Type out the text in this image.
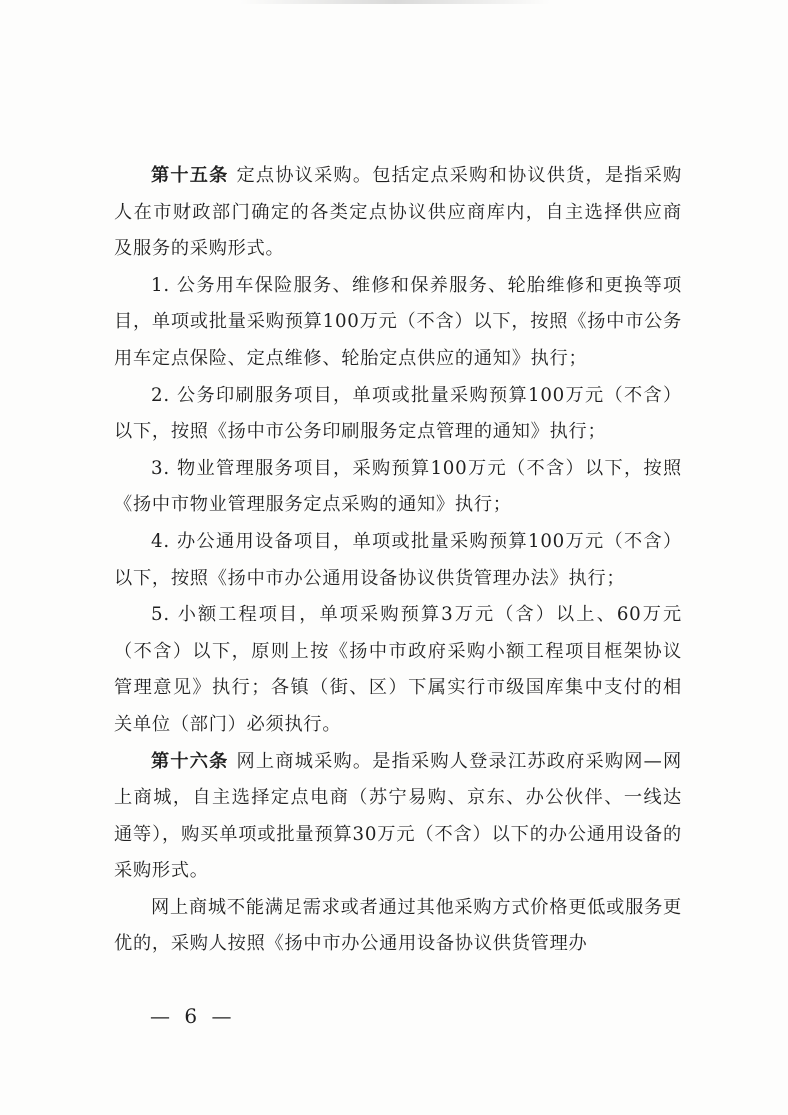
第十五条 定点协议采购。包括定点采购和协议供货，是指采购人在市财政部门确定的各类定点协议供应商库内，自主选择供应商及服务的采购形式。

1. 公务用车保险服务、维修和保养服务、轮胎维修和更换等项目，单项或批量采购预算100万元（不含）以下，按照《扬中市公务用车定点保险、定点维修、轮胎定点供应的通知》执行；

2. 公务印刷服务项目，单项或批量采购预算100万元（不含）以下，按照《扬中市公务印刷服务定点管理的通知》执行；

3. 物业管理服务项目，采购预算100万元（不含）以下，按照《扬中市物业管理服务定点采购的通知》执行；

4. 办公通用设备项目，单项或批量采购预算100万元（不含）以下，按照《扬中市办公通用设备协议供货管理办法》执行；

5. 小额工程项目，单项采购预算3万元（含）以上、60万元（不含）以下，原则上按《扬中市政府采购小额工程项目框架协议管理意见》执行；各镇（街、区）下属实行市级国库集中支付的相关单位（部门）必须执行。

第十六条 网上商城采购。是指采购人登录江苏政府采购网—网上商城，自主选择定点电商（苏宁易购、京东、办公伙伴、一线达通等），购买单项或批量预算30万元（不含）以下的办公通用设备的采购形式。

网上商城不能满足需求或者通过其他采购方式价格更低或服务更优的，采购人按照《扬中市办公通用设备协议供货管理办

— 6 —
